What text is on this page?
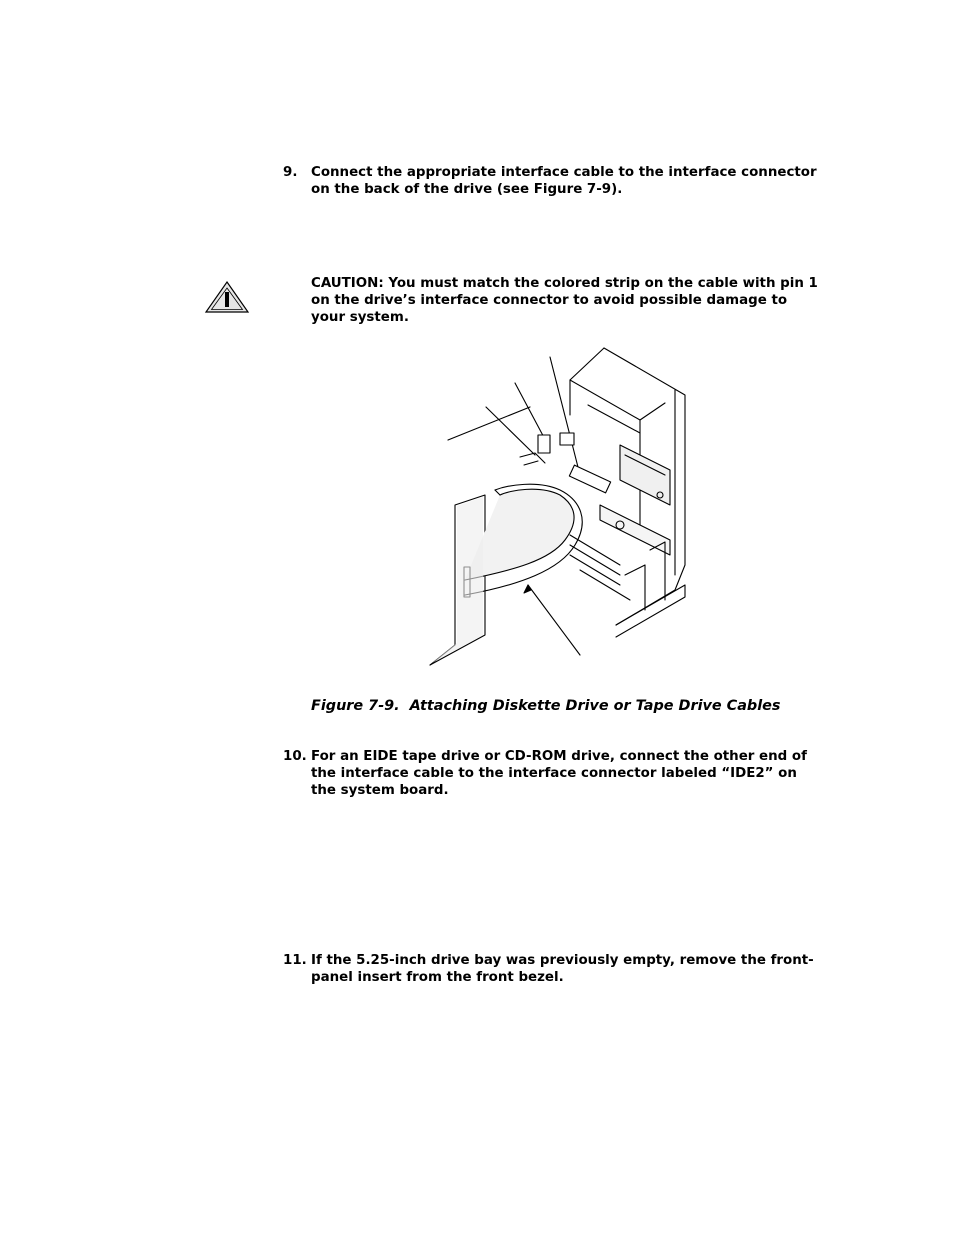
9. Connect the appropriate interface cable to the interface connector on the back of the drive (see Figure 7-9).
CAUTION: You must match the colored strip on the cable with pin 1 on the drive’s interface connector to avoid possible damage to your system.
Figure 7-9. Attaching Diskette Drive or Tape Drive Cables
10. For an EIDE tape drive or CD-ROM drive, connect the other end of the interface cable to the interface connector labeled “IDE2” on the system board.
11. If the 5.25-inch drive bay was previously empty, remove the front-panel insert from the front bezel.
